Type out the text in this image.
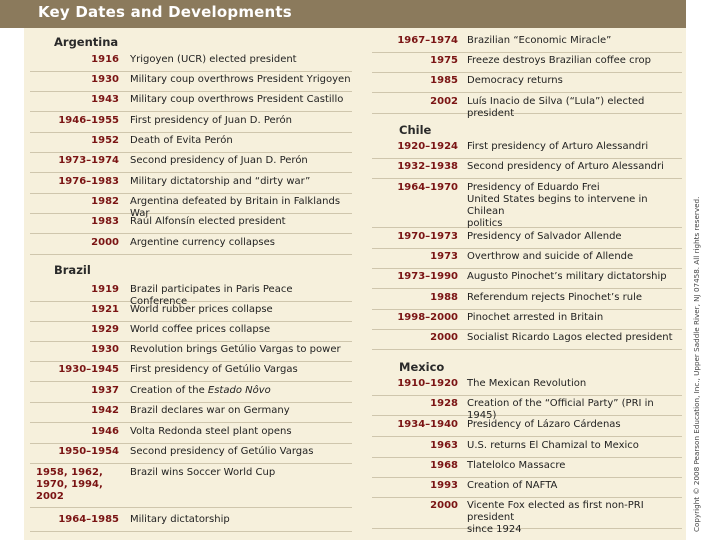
Key Dates and Developments
Argentina
1916 Yrigoyen (UCR) elected president
1930 Military coup overthrows President Yrigoyen
1943 Military coup overthrows President Castillo
1946–1955 First presidency of Juan D. Perón
1952 Death of Evita Perón
1973–1974 Second presidency of Juan D. Perón
1976–1983 Military dictatorship and “dirty war”
1982 Argentina defeated by Britain in Falklands War
1983 Raúl Alfonsín elected president
2000 Argentine currency collapses
Brazil
1919 Brazil participates in Paris Peace Conference
1921 World rubber prices collapse
1929 World coffee prices collapse
1930 Revolution brings Getúlio Vargas to power
1930–1945 First presidency of Getúlio Vargas
1937 Creation of the Estado Nôvo
1942 Brazil declares war on Germany
1946 Volta Redonda steel plant opens
1950–1954 Second presidency of Getúlio Vargas
1958, 1962,
1970, 1994,
2002
Brazil wins Soccer World Cup
1964–1985 Military dictatorship
1967–1974 Brazilian “Economic Miracle”
1975 Freeze destroys Brazilian coffee crop
1985 Democracy returns
2002 Luís Inacio de Silva (“Lula”) elected president
Chile
1920–1924 First presidency of Arturo Alessandri
1932–1938 Second presidency of Arturo Alessandri
1964–1970 Presidency of Eduardo Frei
United States begins to intervene in Chilean
politics
1970–1973 Presidency of Salvador Allende
1973 Overthrow and suicide of Allende
1973–1990 Augusto Pinochet’s military dictatorship
1988 Referendum rejects Pinochet’s rule
1998–2000 Pinochet arrested in Britain
2000 Socialist Ricardo Lagos elected president
Mexico
1910–1920 The Mexican Revolution
1928 Creation of the “Official Party” (PRI in 1945)
1934–1940 Presidency of Lázaro Cárdenas
1963 U.S. returns El Chamizal to Mexico
1968 Tlatelolco Massacre
1993 Creation of NAFTA
2000 Vicente Fox elected as first non-PRI president
since 1924	Copyright © 2008 Pearson Education, Inc., Upper Saddle River, NJ 07458. All rights reserved.
